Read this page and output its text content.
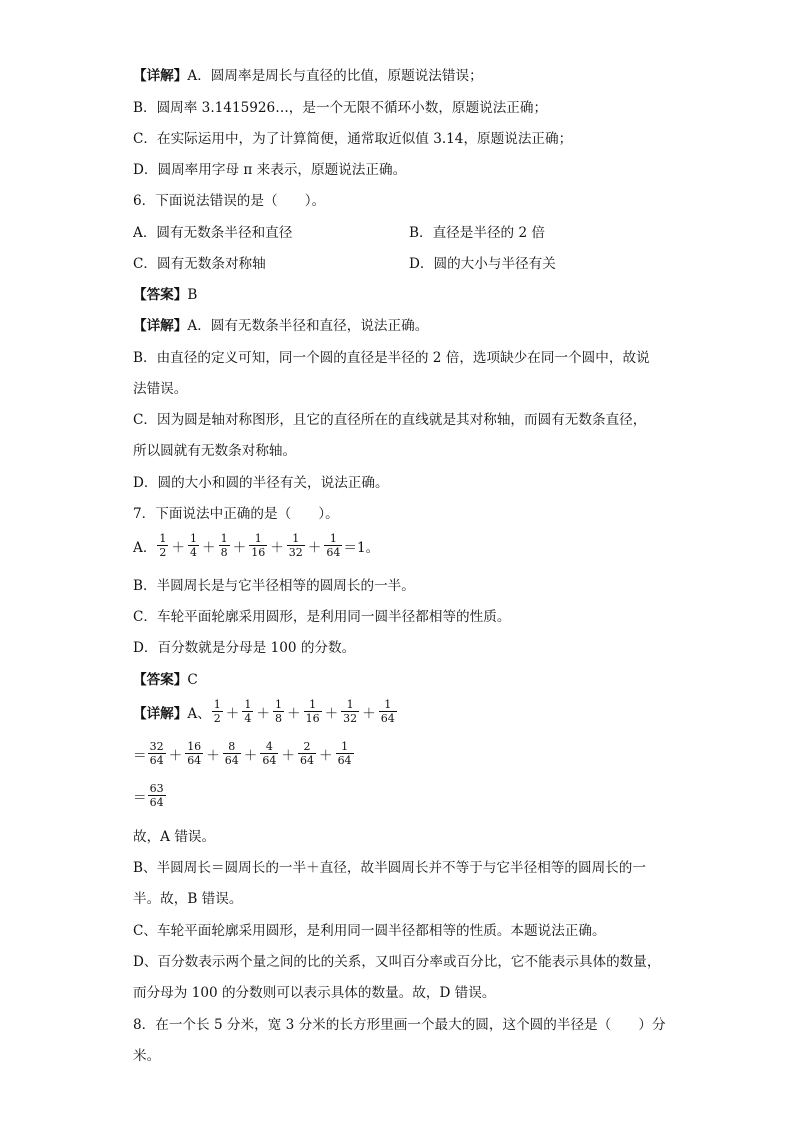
【详解】A．圆周率是周长与直径的比值，原题说法错误；
B．圆周率 3.1415926…，是一个无限不循环小数，原题说法正确；
C．在实际运用中，为了计算简便，通常取近似值 3.14，原题说法正确；
D．圆周率用字母 π 来表示，原题说法正确。
6．下面说法错误的是（　　）。
A．圆有无数条半径和直径	B．直径是半径的 2 倍
C．圆有无数条对称轴	D．圆的大小与半径有关
【答案】B
【详解】A．圆有无数条半径和直径，说法正确。
B．由直径的定义可知，同一个圆的直径是半径的 2 倍，选项缺少在同一个圆中，故说
法错误。
C．因为圆是轴对称图形，且它的直径所在的直线就是其对称轴，而圆有无数条直径，
所以圆就有无数条对称轴。
D．圆的大小和圆的半径有关，说法正确。
7．下面说法中正确的是（　　）。
A． $\frac{1}{2} + \frac{1}{4} + \frac{1}{8} + \frac{1}{16} + \frac{1}{32} + \frac{1}{64} =1$。
B．半圆周长是与它半径相等的圆周长的一半。
C．车轮平面轮廓采用圆形，是利用同一圆半径都相等的性质。
D．百分数就是分母是 100 的分数。
【答案】C
【详解】 A、 $\frac{1}{2} + \frac{1}{4} + \frac{1}{8} + \frac{1}{16} + \frac{1}{32} + \frac{1}{64}$
＝ $\frac{32}{64} + \frac{16}{64} + \frac{8}{64} + \frac{4}{64} + \frac{2}{64} + \frac{1}{64}$
＝ $\frac{63}{64}$
故，A 错误。
B、半圆周长＝圆周长的一半＋直径，故半圆周长并不等于与它半径相等的圆周长的一
半。故，B 错误。
C、车轮平面轮廓采用圆形，是利用同一圆半径都相等的性质。本题说法正确。
D、百分数表示两个量之间的比的关系，又叫百分率或百分比，它不能表示具体的数量，
而分母为 100 的分数则可以表示具体的数量。故，D 错误。
8．在一个长 5 分米，宽 3 分米的长方形里画一个最大的圆，这个圆的半径是（　　）分
米。
